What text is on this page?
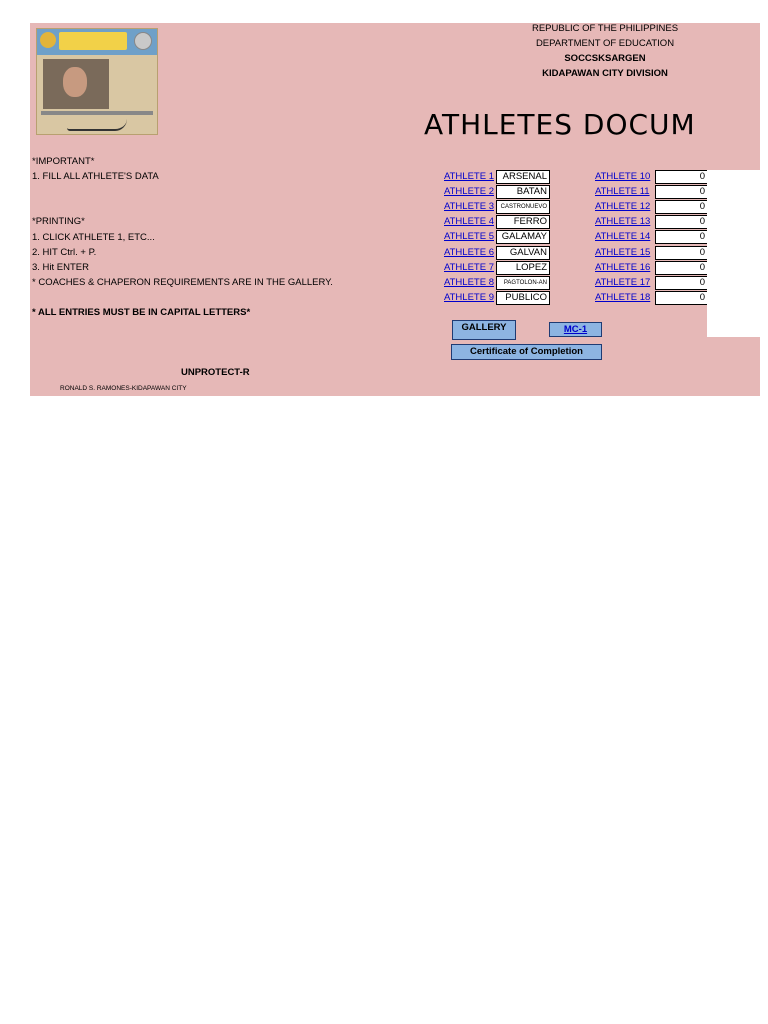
REPUBLIC OF THE PHILIPPINES
DEPARTMENT OF EDUCATION
SOCCSKSARGEN
KIDAPAWAN CITY DIVISION
ATHLETES DOCUM
*IMPORTANT*
1. FILL ALL ATHLETE'S DATA
*PRINTING*
1. CLICK ATHLETE 1, ETC...
2. HIT Ctrl. + P.
3. Hit ENTER
* COACHES & CHAPERON REQUIREMENTS ARE IN THE GALLERY.
* ALL ENTRIES MUST BE IN CAPITAL LETTERS*
ATHLETE 1 ARSENAL
ATHLETE 2	BATAN
ATHLETE 3	CASTRONUEVO
ATHLETE 4	FERRO
ATHLETE 5 GALAMAY
ATHLETE 6	GALVAN
ATHLETE 7	LOPEZ
ATHLETE 8	PAGTOLON-AN
ATHLETE 9	PUBLICO
ATHLETE 10	0
ATHLETE 11	0
ATHLETE 12	0
ATHLETE 13	0
ATHLETE 14	0
ATHLETE 15	0
ATHLETE 16	0
ATHLETE 17	0
ATHLETE 18	0
GALLERY	MC-1
Certificate of Completion
UNPROTECT-R
RONALD S. RAMONES-KIDAPAWAN CITY
